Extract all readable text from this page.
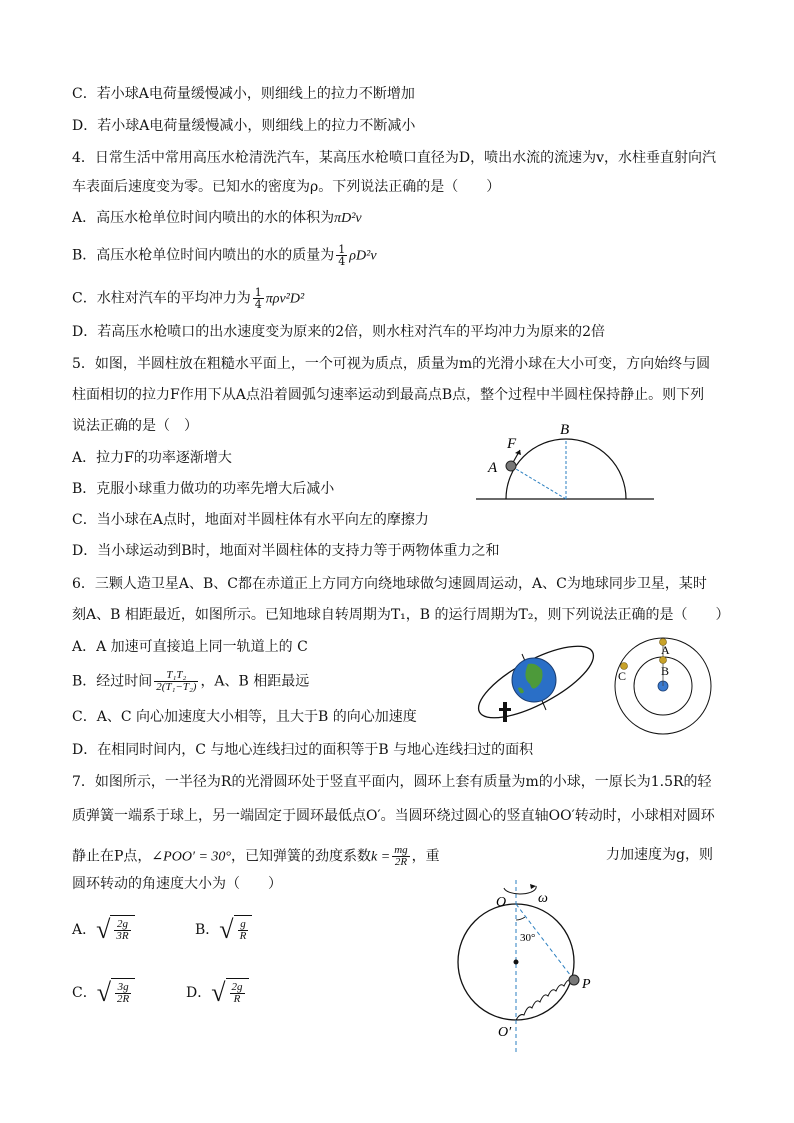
C．若小球A电荷量缓慢减小，则细线上的拉力不断增加
D．若小球A电荷量缓慢减小，则细线上的拉力不断减小
4．日常生活中常用高压水枪清洗汽车，某高压水枪喷口直径为D，喷出水流的流速为v，水柱垂直射向汽
车表面后速度变为零。已知水的密度为ρ。下列说法正确的是（　　）
A．高压水枪单位时间内喷出的水的体积为πD²v
B．高压水枪单位时间内喷出的水的质量为 $\frac{1}{4} \rho D^2v$
C．水柱对汽车的平均冲力为 $\frac{1}{4} \pi\rho v^2D^2$
D．若高压水枪喷口的出水速度变为原来的2倍，则水柱对汽车的平均冲力为原来的2倍
5．如图，半圆柱放在粗糙水平面上，一个可视为质点，质量为m的光滑小球在大小可变，方向始终与圆
柱面相切的拉力F作用下从A点沿着圆弧匀速率运动到最高点B点，整个过程中半圆柱保持静止。则下列
说法正确的是（　）
A．拉力F的功率逐渐增大
B．克服小球重力做功的功率先增大后减小
C．当小球在A点时，地面对半圆柱体有水平向左的摩擦力
D．当小球运动到B时，地面对半圆柱体的支持力等于两物体重力之和
F
A
B
6．三颗人造卫星A、B、C都在赤道正上方同方向绕地球做匀速圆周运动，A、C为地球同步卫星，某时
刻A、B 相距最近，如图所示。已知地球自转周期为T₁，B 的运行周期为T₂，则下列说法正确的是（　　）
A．A 加速可直接追上同一轨道上的 C
B．经过时间 $\frac{\text{T₁T₂}}{\text{2(T₁−T₂)}}$ ，A、B 相距最远
C．A、C 向心加速度大小相等，且大于B 的向心加速度
D．在相同时间内，C 与地心连线扫过的面积等于B 与地心连线扫过的面积
A
B
C
7．如图所示，一半径为R的光滑圆环处于竖直平面内，圆环上套有质量为m的小球，一原长为1.5R的轻
质弹簧一端系于球上，另一端固定于圆环最低点O′。当圆环绕过圆心的竖直轴OO′转动时，小球相对圆环
静止在P点，∠POO′ = 30°，已知弹簧的劲度系数$k = \frac{mg}{2R}$ ，重	力加速度为g，则
圆环转动的角速度大小为（　　）
A． √ $\frac{2g}{3R}$	B． √ $\frac{g}{R}$
C． √ $\frac{3g}{2R}$	D． √ $\frac{2g}{R}$
O ω
30°
P
O′
